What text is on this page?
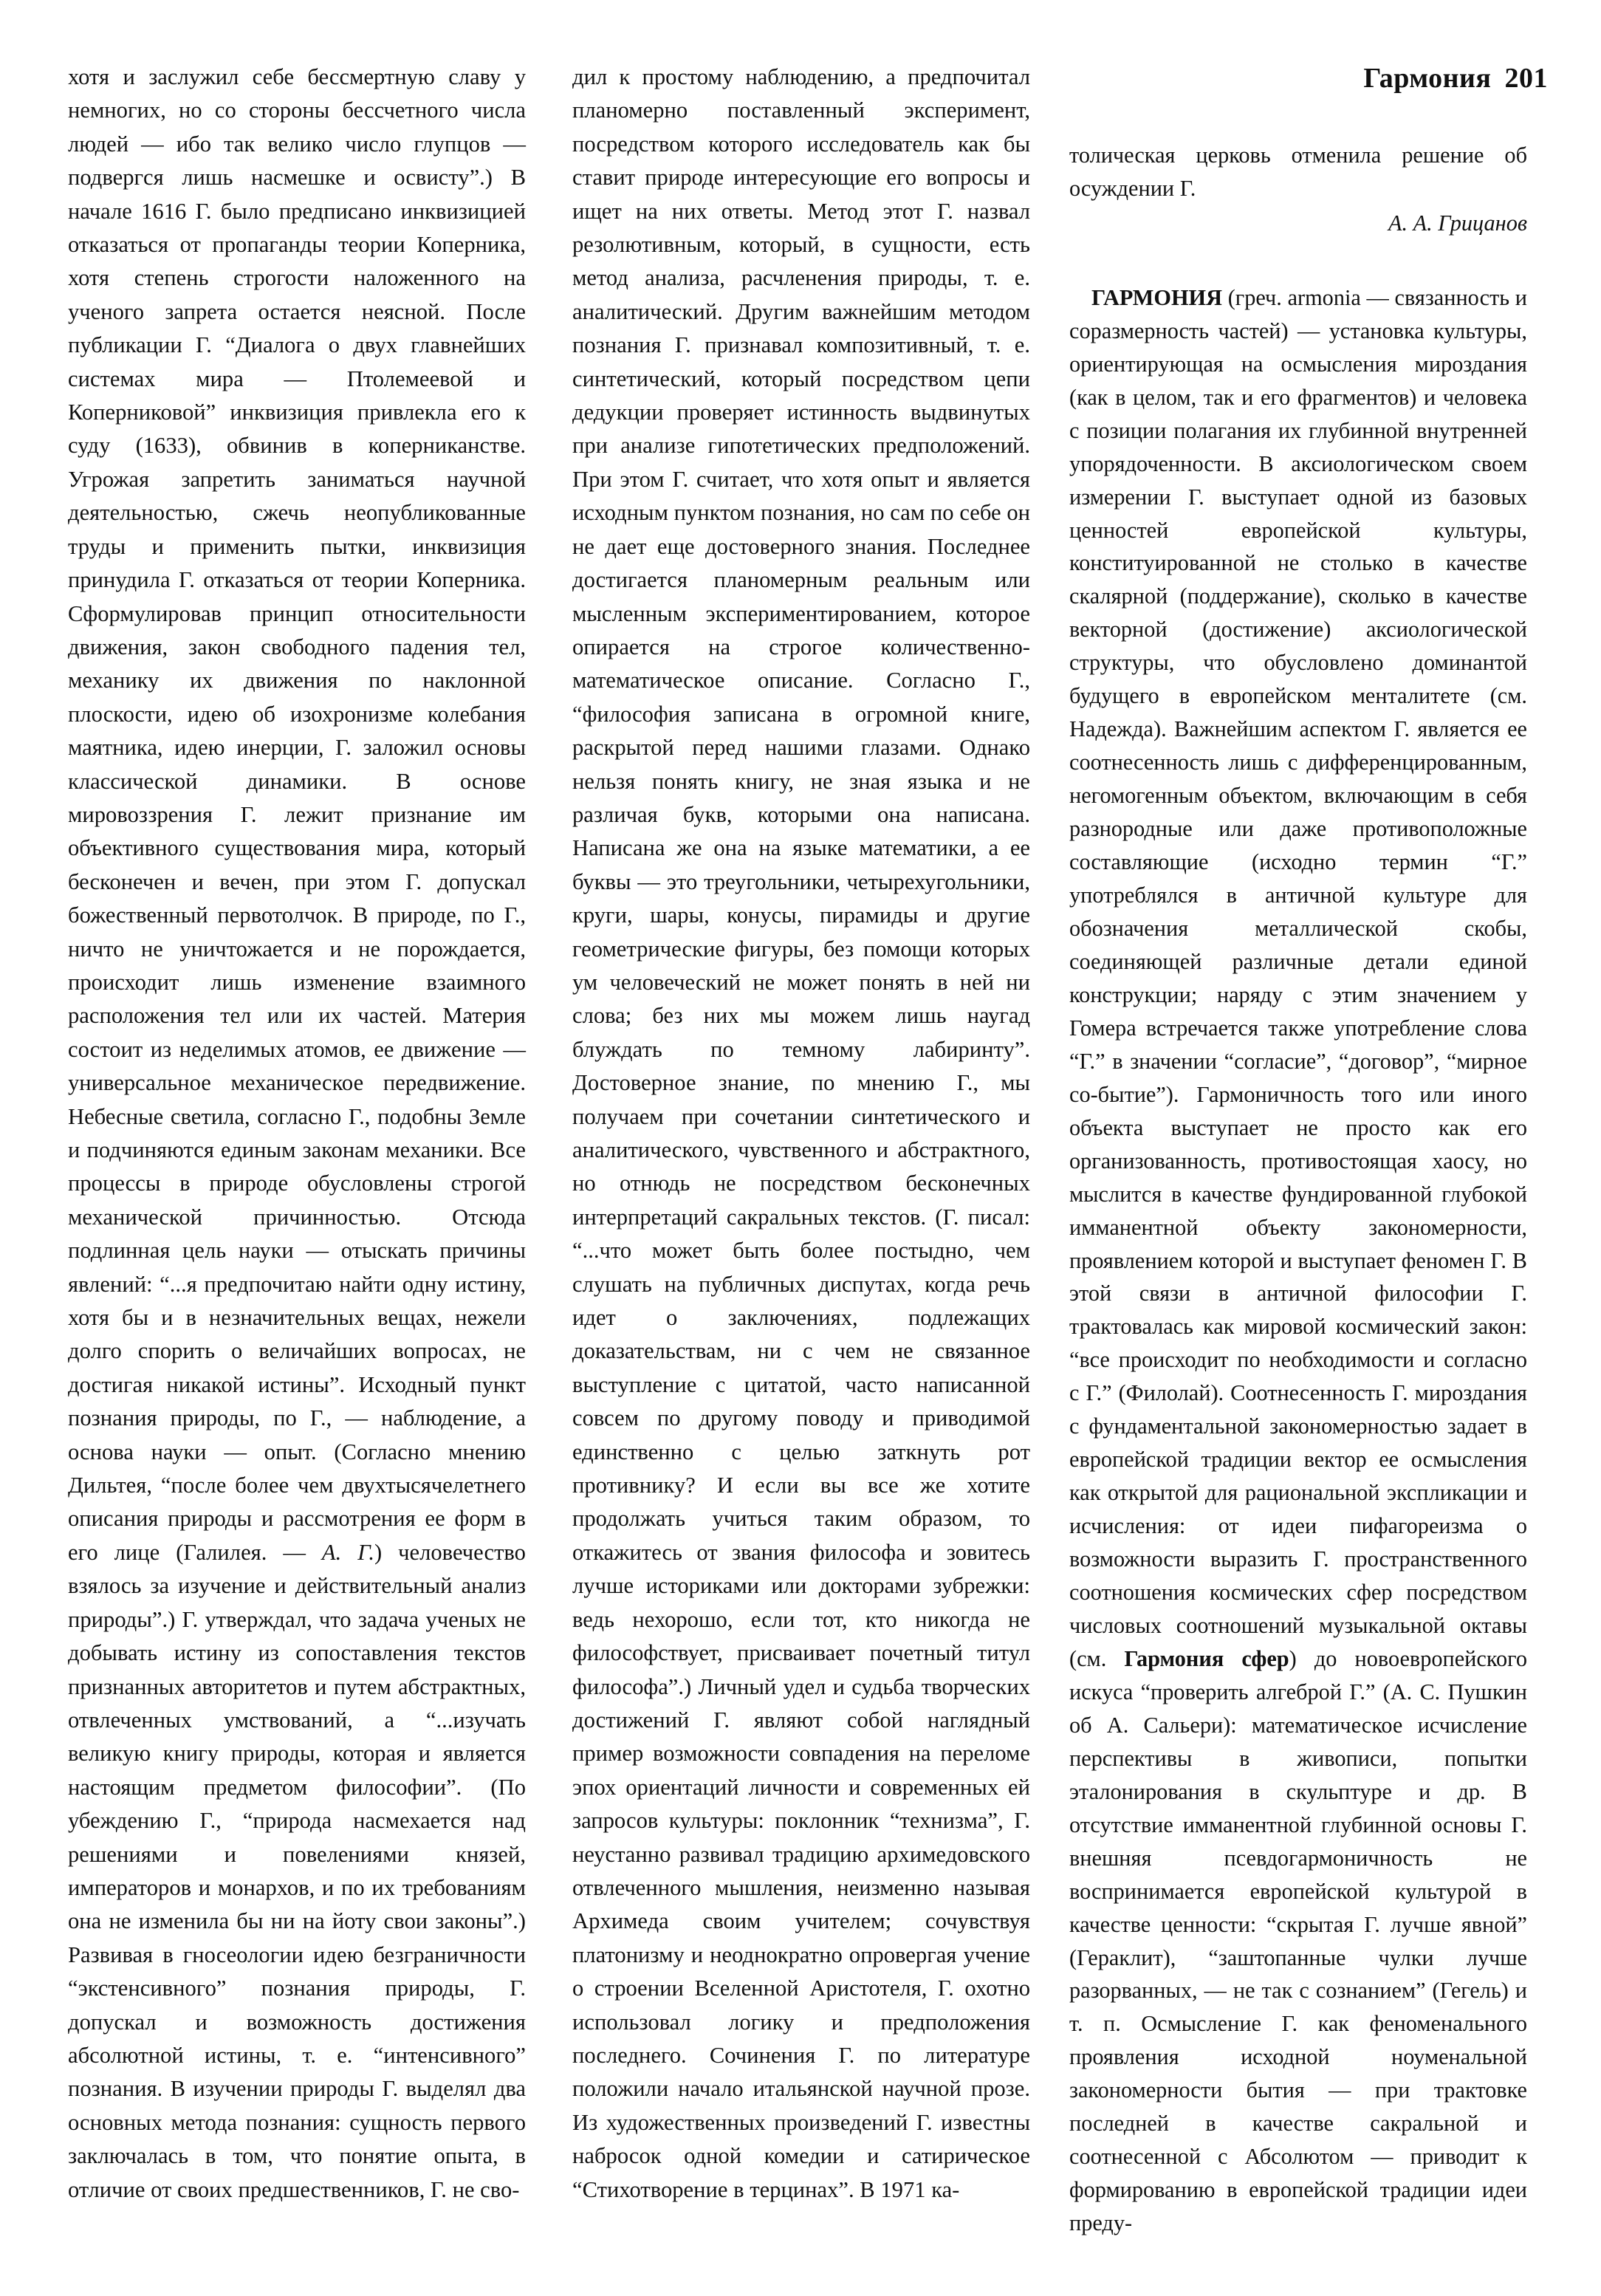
Гармония 201

хотя и заслужил себе бессмертную славу у немногих, но со стороны бессчетного числа людей — ибо так велико число глупцов — подвергся лишь насмешке и освисту”.) В начале 1616 Г. было предписано инквизицией отказаться от пропаганды теории Коперника, хотя степень строгости наложенного на ученого запрета остается неясной. После публикации Г. “Диалога о двух главнейших системах мира — Птолемеевой и Коперниковой” инквизиция привлекла его к суду (1633), обвинив в коперниканстве. Угрожая запретить заниматься научной деятельностью, сжечь неопубликованные труды и применить пытки, инквизиция принудила Г. отказаться от теории Коперника. Сформулировав принцип относительности движения, закон свободного падения тел, механику их движения по наклонной плоскости, идею об изохронизме колебания маятника, идею инерции, Г. заложил основы классической динамики. В основе мировоззрения Г. лежит признание им объективного существования мира, который бесконечен и вечен, при этом Г. допускал божественный первотолчок. В природе, по Г., ничто не уничтожается и не порождается, происходит лишь изменение взаимного расположения тел или их частей. Материя состоит из неделимых атомов, ее движение — универсальное механическое передвижение. Небесные светила, согласно Г., подобны Земле и подчиняются единым законам механики. Все процессы в природе обусловлены строгой механической причинностью. Отсюда подлинная цель науки — отыскать причины явлений: “...я предпочитаю найти одну истину, хотя бы и в незначительных вещах, нежели долго спорить о величайших вопросах, не достигая никакой истины”. Исходный пункт познания природы, по Г., — наблюдение, а основа науки — опыт. (Согласно мнению Дильтея, “после более чем двухтысячелетнего описания природы и рассмотрения ее форм в его лице (Галилея. — А. Г.) человечество взялось за изучение и действительный анализ природы”.) Г. утверждал, что задача ученых не добывать истину из сопоставления текстов признанных авторитетов и путем абстрактных, отвлеченных умствований, а “...изучать великую книгу природы, которая и является настоящим предметом философии”. (По убеждению Г., “природа насмехается над решениями и повелениями князей, императоров и монархов, и по их требованиям она не изменила бы ни на йоту свои законы”.) Развивая в гносеологии идею безграничности “экстенсивного” познания природы, Г. допускал и возможность достижения абсолютной истины, т. е. “интенсивного” познания. В изучении природы Г. выделял два основных метода познания: сущность первого заключалась в том, что понятие опыта, в отличие от своих предшественников, Г. не сво-

дил к простому наблюдению, а предпочитал планомерно поставленный эксперимент, посредством которого исследователь как бы ставит природе интересующие его вопросы и ищет на них ответы. Метод этот Г. назвал резолютивным, который, в сущности, есть метод анализа, расчленения природы, т. е. аналитический. Другим важнейшим методом познания Г. признавал композитивный, т. е. синтетический, который посредством цепи дедукции проверяет истинность выдвинутых при анализе гипотетических предположений. При этом Г. считает, что хотя опыт и является исходным пунктом познания, но сам по себе он не дает еще достоверного знания. Последнее достигается планомерным реальным или мысленным экспериментированием, которое опирается на строгое количественно-математическое описание. Согласно Г., “философия записана в огромной книге, раскрытой перед нашими глазами. Однако нельзя понять книгу, не зная языка и не различая букв, которыми она написана. Написана же она на языке математики, а ее буквы — это треугольники, четырехугольники, круги, шары, конусы, пирамиды и другие геометрические фигуры, без помощи которых ум человеческий не может понять в ней ни слова; без них мы можем лишь наугад блуждать по темному лабиринту”. Достоверное знание, по мнению Г., мы получаем при сочетании синтетического и аналитического, чувственного и абстрактного, но отнюдь не посредством бесконечных интерпретаций сакральных текстов. (Г. писал: “...что может быть более постыдно, чем слушать на публичных диспутах, когда речь идет о заключениях, подлежащих доказательствам, ни с чем не связанное выступление с цитатой, часто написанной совсем по другому поводу и приводимой единственно с целью заткнуть рот противнику? И если вы все же хотите продолжать учиться таким образом, то откажитесь от звания философа и зовитесь лучше историками или докторами зубрежки: ведь нехорошо, если тот, кто никогда не философствует, присваивает почетный титул философа”.) Личный удел и судьба творческих достижений Г. являют собой наглядный пример возможности совпадения на переломе эпох ориентаций личности и современных ей запросов культуры: поклонник “технизма”, Г. неустанно развивал традицию архимедовского отвлеченного мышления, неизменно называя Архимеда своим учителем; сочувствуя платонизму и неоднократно опровергая учение о строении Вселенной Аристотеля, Г. охотно использовал логику и предположения последнего. Сочинения Г. по литературе положили начало итальянской научной прозе. Из художественных произведений Г. известны набросок одной комедии и сатирическое “Стихотворение в терцинах”. В 1971 ка-

толическая церковь отменила решение об осуждении Г.

А. А. Грицанов

ГАРМОНИЯ (греч. armonia — связанность и соразмерность частей) — установка культуры, ориентирующая на осмысления мироздания (как в целом, так и его фрагментов) и человека с позиции полагания их глубинной внутренней упорядоченности. В аксиологическом своем измерении Г. выступает одной из базовых ценностей европейской культуры, конституированной не столько в качестве скалярной (поддержание), сколько в качестве векторной (достижение) аксиологической структуры, что обусловлено доминантой будущего в европейском менталитете (см. Надежда). Важнейшим аспектом Г. является ее соотнесенность лишь с дифференцированным, негомогенным объектом, включающим в себя разнородные или даже противоположные составляющие (исходно термин “Г.” употреблялся в античной культуре для обозначения металлической скобы, соединяющей различные детали единой конструкции; наряду с этим значением у Гомера встречается также употребление слова “Г.” в значении “согласие”, “договор”, “мирное со-бытие”). Гармоничность того или иного объекта выступает не просто как его организованность, противостоящая хаосу, но мыслится в качестве фундированной глубокой имманентной объекту закономерности, проявлением которой и выступает феномен Г. В этой связи в античной философии Г. трактовалась как мировой космический закон: “все происходит по необходимости и согласно с Г.” (Филолай). Соотнесенность Г. мироздания с фундаментальной закономерностью задает в европейской традиции вектор ее осмысления как открытой для рациональной экспликации и исчисления: от идеи пифагореизма о возможности выразить Г. пространственного соотношения космических сфер посредством числовых соотношений музыкальной октавы (см. Гармония сфер) до новоевропейского искуса “проверить алгеброй Г.” (А. С. Пушкин об А. Сальери): математическое исчисление перспективы в живописи, попытки эталонирования в скульптуре и др. В отсутствие имманентной глубинной основы Г. внешняя псевдогармоничность не воспринимается европейской культурой в качестве ценности: “скрытая Г. лучше явной” (Гераклит), “заштопанные чулки лучше разорванных, — не так с сознанием” (Гегель) и т. п. Осмысление Г. как феноменального проявления исходной ноуменальной закономерности бытия — при трактовке последней в качестве сакральной и соотнесенной с Абсолютом — приводит к формированию в европейской традиции идеи преду-
